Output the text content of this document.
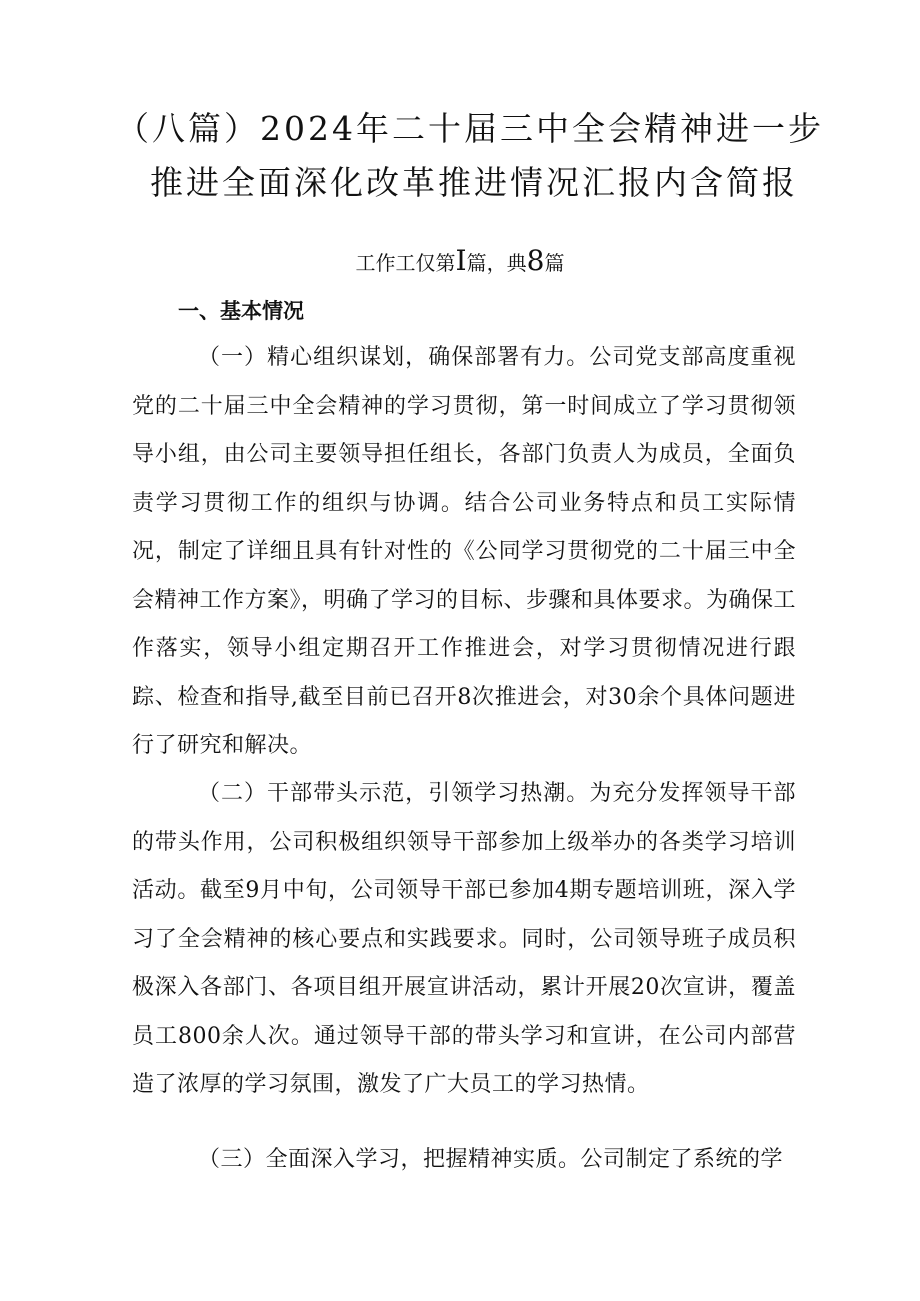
（八篇）2024年二十届三中全会精神进一步
推进全面深化改革推进情况汇报内含简报
工作工仅第I篇，典8篇
一、基本情况

（一）精心组织谋划，确保部署有力。公司党支部高度重视党的二十届三中全会精神的学习贯彻，第一时间成立了学习贯彻领导小组，由公司主要领导担任组长，各部门负责人为成员，全面负责学习贯彻工作的组织与协调。结合公司业务特点和员工实际情况，制定了详细且具有针对性的《公同学习贯彻党的二十届三中全会精神工作方案》，明确了学习的目标、步骤和具体要求。为确保工作落实，领导小组定期召开工作推进会，对学习贯彻情况进行跟踪、检查和指导,截至目前已召开8次推进会，对30余个具体问题进行了研究和解决。

（二）干部带头示范，引领学习热潮。为充分发挥领导干部的带头作用，公司积极组织领导干部参加上级举办的各类学习培训活动。截至9月中旬，公司领导干部已参加4期专题培训班，深入学习了全会精神的核心要点和实践要求。同时，公司领导班子成员积极深入各部门、各项目组开展宣讲活动，累计开展20次宣讲，覆盖员工800余人次。通过领导干部的带头学习和宣讲，在公司内部营造了浓厚的学习氛围，激发了广大员工的学习热情。

（三）全面深入学习，把握精神实质。公司制定了系统的学
